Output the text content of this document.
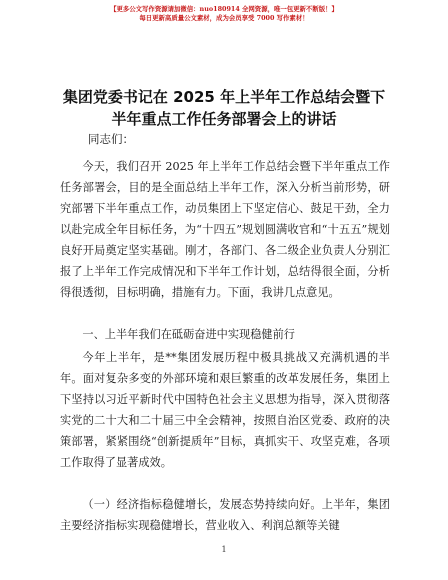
【更多公文写作资源请加微信：nuo180914 全网资源，唯一包更新不断版！】
每日更新高质量公文素材，成为会员享受 7000 写作素材！
集团党委书记在 2025 年上半年工作总结会暨下半年重点工作任务部署会上的讲话
同志们：

今天，我们召开 2025 年上半年工作总结会暨下半年重点工作任务部署会，目的是全面总结上半年工作，深入分析当前形势，研究部署下半年重点工作，动员集团上下坚定信心、鼓足干劲，全力以赴完成全年目标任务，为“十四五”规划圆满收官和“十五五”规划良好开局奠定坚实基础。刚才，各部门、各二级企业负责人分别汇报了上半年工作完成情况和下半年工作计划，总结得很全面，分析得很透彻，目标明确，措施有力。下面，我讲几点意见。

一、上半年我们在砥砺奋进中实现稳健前行

今年上半年，是**集团发展历程中极具挑战又充满机遇的半年。面对复杂多变的外部环境和艰巨繁重的改革发展任务，集团上下坚持以习近平新时代中国特色社会主义思想为指导，深入贯彻落实党的二十大和二十届三中全会精神，按照自治区党委、政府的决策部署，紧紧围绕“创新提质年”目标，真抓实干、攻坚克难，各项工作取得了显著成效。

（一）经济指标稳健增长，发展态势持续向好。上半年，集团主要经济指标实现稳健增长，营业收入、利润总额等关键

1
